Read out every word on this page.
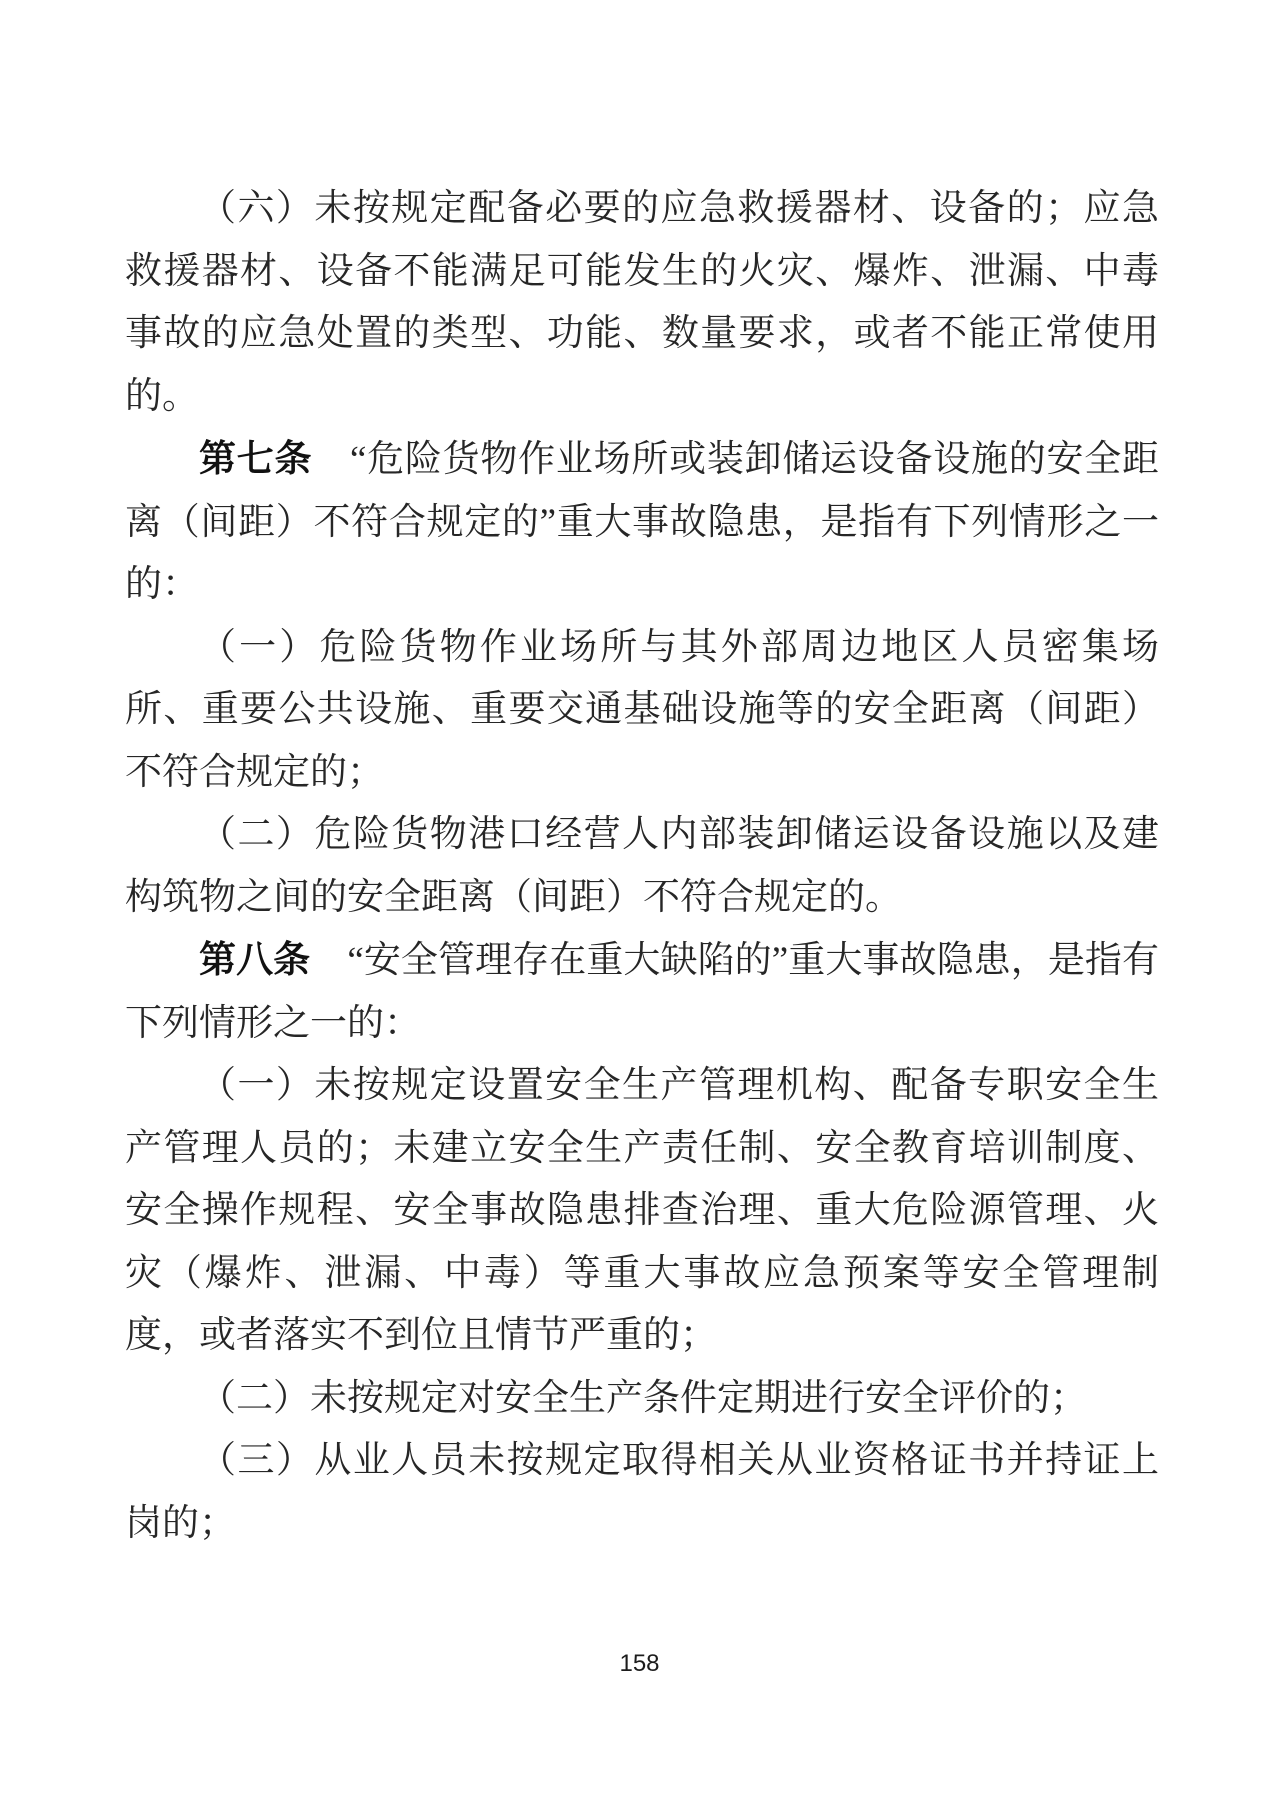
（六）未按规定配备必要的应急救援器材、设备的；应急救援器材、设备不能满足可能发生的火灾、爆炸、泄漏、中毒事故的应急处置的类型、功能、数量要求，或者不能正常使用的。

第七条　“危险货物作业场所或装卸储运设备设施的安全距离（间距）不符合规定的”重大事故隐患，是指有下列情形之一的：

（一）危险货物作业场所与其外部周边地区人员密集场所、重要公共设施、重要交通基础设施等的安全距离（间距）不符合规定的；

（二）危险货物港口经营人内部装卸储运设备设施以及建构筑物之间的安全距离（间距）不符合规定的。

第八条　“安全管理存在重大缺陷的”重大事故隐患，是指有下列情形之一的：

（一）未按规定设置安全生产管理机构、配备专职安全生产管理人员的；未建立安全生产责任制、安全教育培训制度、安全操作规程、安全事故隐患排查治理、重大危险源管理、火灾（爆炸、泄漏、中毒）等重大事故应急预案等安全管理制度，或者落实不到位且情节严重的；

（二）未按规定对安全生产条件定期进行安全评价的；

（三）从业人员未按规定取得相关从业资格证书并持证上岗的；

158
